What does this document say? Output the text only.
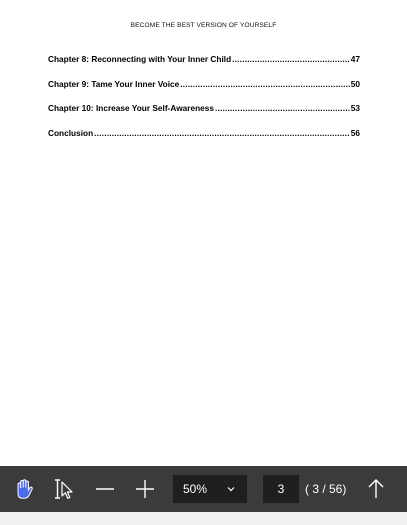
BECOME THE BEST VERSION OF YOURSELF
Chapter 8: Reconnecting with Your Inner Child .....	47
Chapter 9: Tame Your Inner Voice .....	50
Chapter 10: Increase Your Self-Awareness .....	53
Conclusion .....	56
50%	3 ( 3 / 56)
